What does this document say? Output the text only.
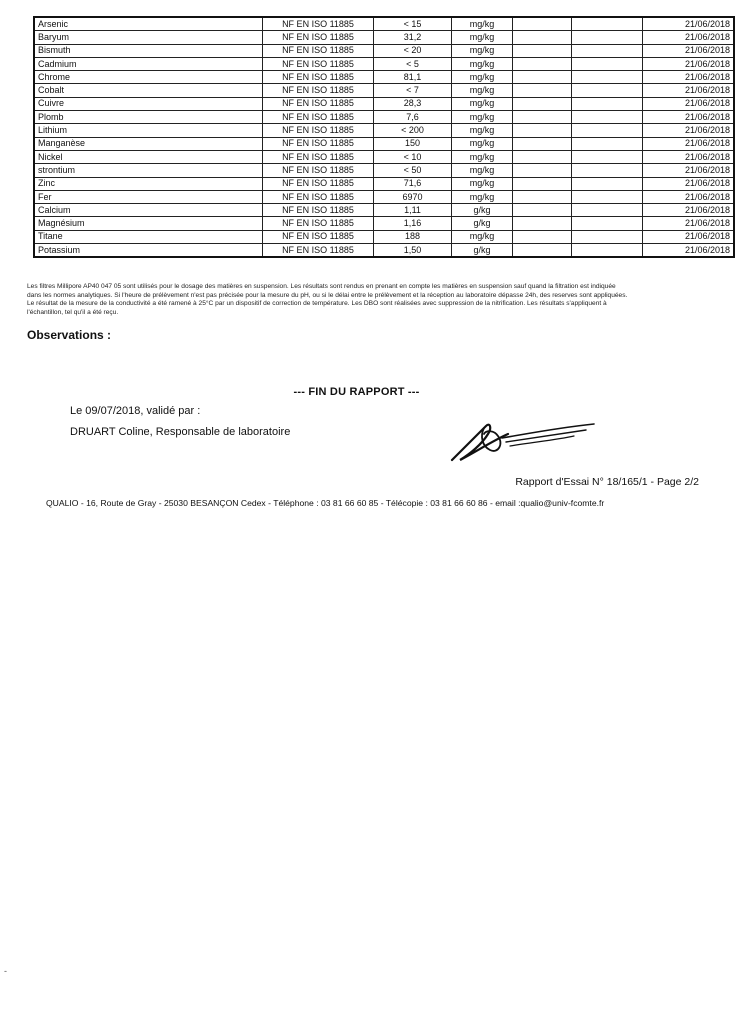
Arsenic	NF EN ISO 11885	< 15	mg/kg			21/06/2018
Baryum	NF EN ISO 11885	31,2	mg/kg			21/06/2018
Bismuth	NF EN ISO 11885	< 20	mg/kg			21/06/2018
Cadmium	NF EN ISO 11885	< 5	mg/kg			21/06/2018
Chrome	NF EN ISO 11885	81,1	mg/kg			21/06/2018
Cobalt	NF EN ISO 11885	< 7	mg/kg			21/06/2018
Cuivre	NF EN ISO 11885	28,3	mg/kg			21/06/2018
Plomb	NF EN ISO 11885	7,6	mg/kg			21/06/2018
Lithium	NF EN ISO 11885	< 200	mg/kg			21/06/2018
Manganèse	NF EN ISO 11885	150	mg/kg			21/06/2018
Nickel	NF EN ISO 11885	< 10	mg/kg			21/06/2018
strontium	NF EN ISO 11885	< 50	mg/kg			21/06/2018
Zinc	NF EN ISO 11885	71,6	mg/kg			21/06/2018
Fer	NF EN ISO 11885	6970	mg/kg			21/06/2018
Calcium	NF EN ISO 11885	1,11	g/kg			21/06/2018
Magnésium	NF EN ISO 11885	1,16	g/kg			21/06/2018
Titane	NF EN ISO 11885	188	mg/kg			21/06/2018
Potassium	NF EN ISO 11885	1,50	g/kg			21/06/2018

Les filtres Millipore AP40 047 05 sont utilisés pour le dosage des matières en suspension. Les résultats sont rendus en prenant en compte les matières en suspension sauf quand la filtration est indiquée

dans les normes analytiques. Si l'heure de prélèvement n'est pas précisée pour la mesure du pH, ou si le délai entre le prélèvement et la réception au laboratoire dépasse 24h, des reserves sont appliquées.

Le résultat de la mesure de la conductivité a été ramené à 25°C par un dispositif de correction de température. Les DBO sont réalisées avec suppression de la nitrification. Les résultats s'appliquent à

l'échantillon, tel qu'il a été reçu.

Observations :
--- FIN DU RAPPORT ---
Le 09/07/2018, validé par :
DRUART Coline, Responsable de laboratoire
Rapport d'Essai N° 18/165/1 - Page 2/2
QUALIO - 16, Route de Gray - 25030 BESANÇON Cedex - Téléphone : 03 81 66 60 85 - Télécopie : 03 81 66 60 86 - email :qualio@univ-fcomte.fr
-
